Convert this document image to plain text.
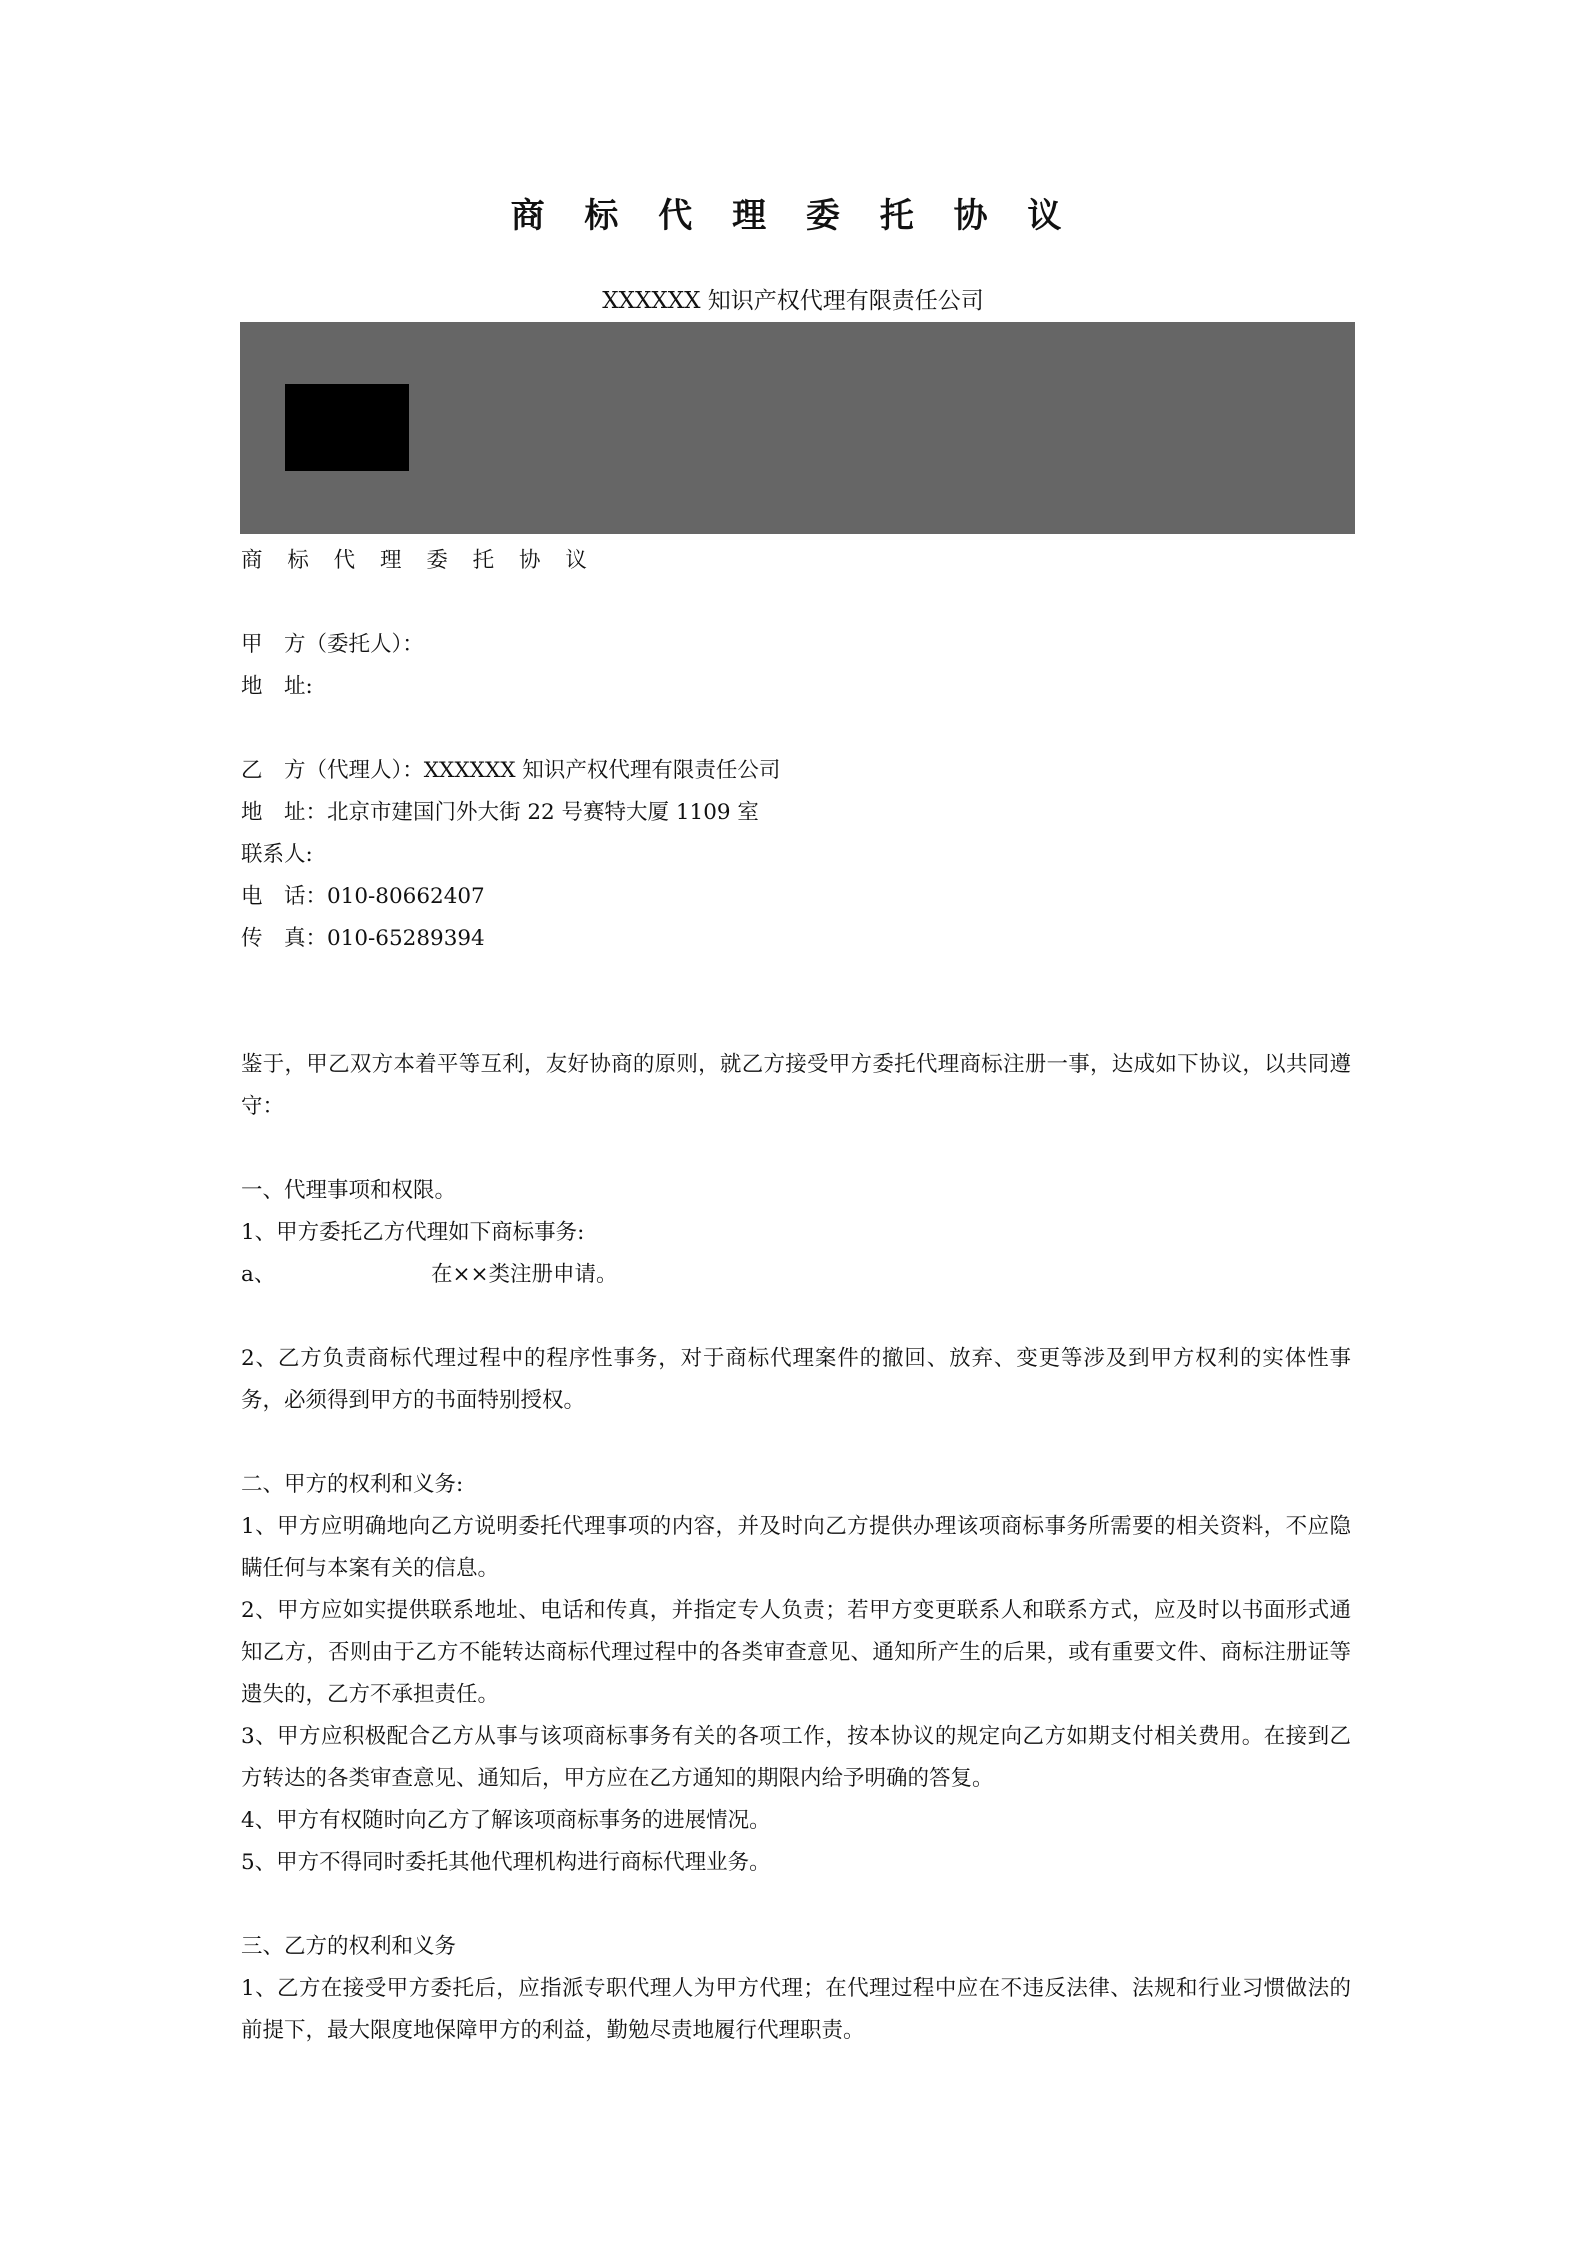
商 标 代 理 委 托 协 议
XXXXXX 知识产权代理有限责任公司
商 标 代 理 委 托 协 议
甲　方（委托人）：
地　址:
乙　方（代理人）：XXXXXX 知识产权代理有限责任公司
地　址：北京市建国门外大街 22 号赛特大厦 1109 室
联系人:
电　话：010-80662407
传　真：010-65289394
鉴于，甲乙双方本着平等互利，友好协商的原则，就乙方接受甲方委托代理商标注册一事，达成如下协议，以共同遵守：
一、代理事项和权限。
1、甲方委托乙方代理如下商标事务:
a、	在××类注册申请。
2、乙方负责商标代理过程中的程序性事务，对于商标代理案件的撤回、放弃、变更等涉及到甲方权利的实体性事务，必须得到甲方的书面特别授权。
二、甲方的权利和义务:
1、甲方应明确地向乙方说明委托代理事项的内容，并及时向乙方提供办理该项商标事务所需要的相关资料，不应隐瞒任何与本案有关的信息。
2、甲方应如实提供联系地址、电话和传真，并指定专人负责；若甲方变更联系人和联系方式，应及时以书面形式通知乙方，否则由于乙方不能转达商标代理过程中的各类审查意见、通知所产生的后果，或有重要文件、商标注册证等遗失的，乙方不承担责任。
3、甲方应积极配合乙方从事与该项商标事务有关的各项工作，按本协议的规定向乙方如期支付相关费用。在接到乙方转达的各类审查意见、通知后，甲方应在乙方通知的期限内给予明确的答复。
4、甲方有权随时向乙方了解该项商标事务的进展情况。
5、甲方不得同时委托其他代理机构进行商标代理业务。
三、乙方的权利和义务
1、乙方在接受甲方委托后，应指派专职代理人为甲方代理；在代理过程中应在不违反法律、法规和行业习惯做法的前提下，最大限度地保障甲方的利益，勤勉尽责地履行代理职责。
